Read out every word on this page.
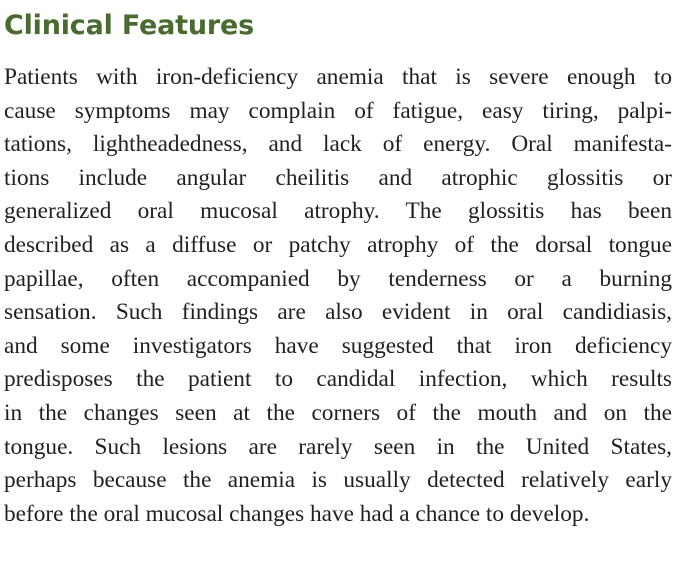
Clinical Features

Patients with iron-deficiency anemia that is severe enough to
cause symptoms may complain of fatigue, easy tiring, palpi-
tations, lightheadedness, and lack of energy. Oral manifesta-
tions include angular cheilitis and atrophic glossitis or
generalized oral mucosal atrophy. The glossitis has been
described as a diffuse or patchy atrophy of the dorsal tongue
papillae, often accompanied by tenderness or a burning
sensation. Such findings are also evident in oral candidiasis,
and some investigators have suggested that iron deficiency
predisposes the patient to candidal infection, which results
in the changes seen at the corners of the mouth and on the
tongue. Such lesions are rarely seen in the United States,
perhaps because the anemia is usually detected relatively early
before the oral mucosal changes have had a chance to develop.
